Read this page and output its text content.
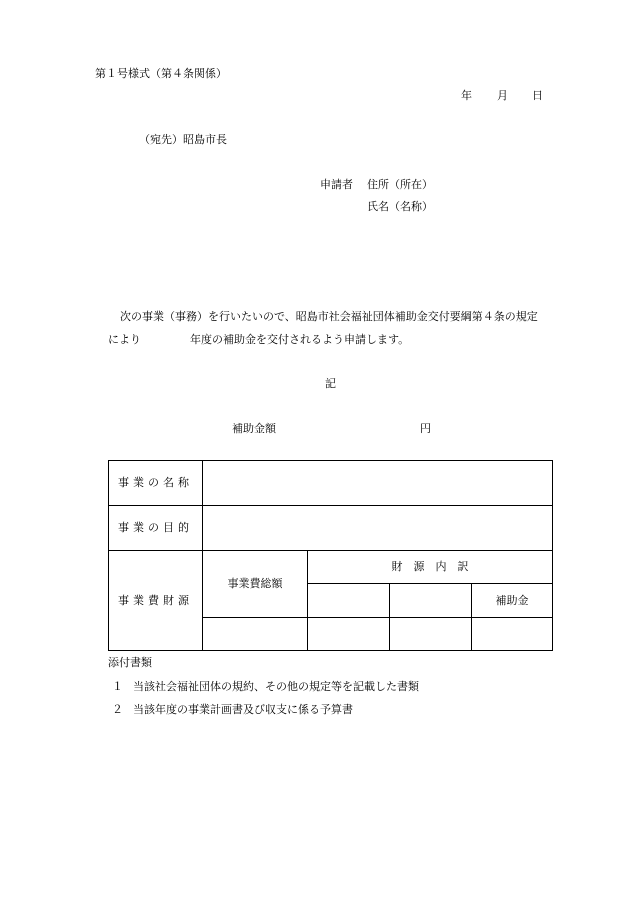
第１号様式（第４条関係）
年 月 日
（宛先）昭島市長
申請者 住所（所在）
氏名（名称）
次の事業（事務）を行いたいので、昭島市社会福祉団体補助金交付要綱第４条の規定
により	年度の補助金を交付されるよう申請します。
記
補助金額	円
事業の名称				
事業の目的				
事業費財源	事業費総額	財　源　内　訳		
				補助金

添付書類
１ 当該社会福祉団体の規約、その他の規定等を記載した書類
２ 当該年度の事業計画書及び収支に係る予算書
